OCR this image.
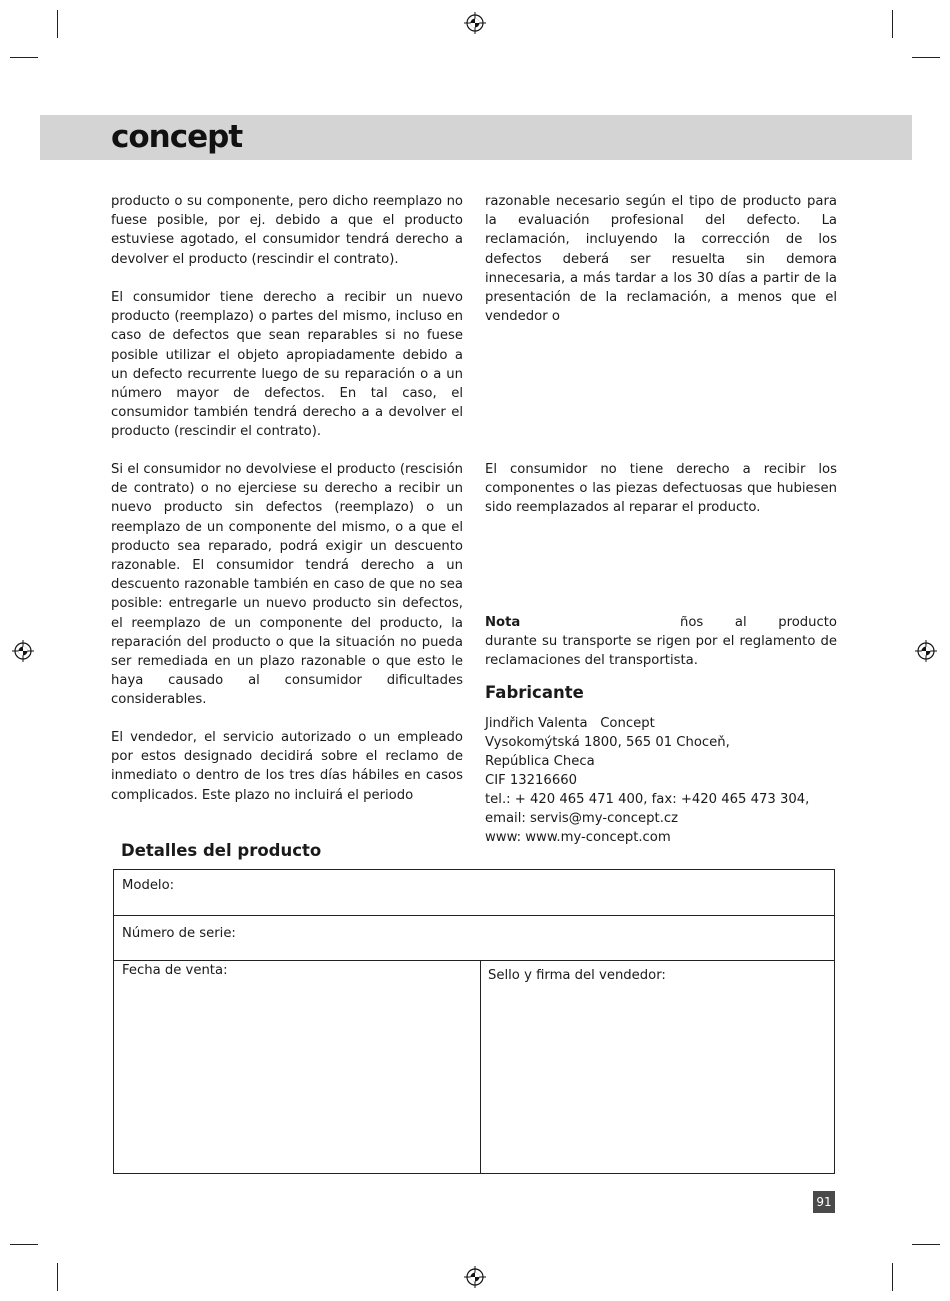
concept

producto o su componente, pero dicho reemplazo no fuese posible, por ej. debido a que el producto estuviese agotado, el consumidor tendrá derecho a devolver el producto (rescindir el contrato).

El consumidor tiene derecho a recibir un nuevo producto (reemplazo) o partes del mismo, incluso en caso de defectos que sean reparables si no fuese posible utilizar el objeto apropiadamente debido a un defecto recurrente luego de su reparación o a un número mayor de defectos. En tal caso, el consumidor también tendrá derecho a a devolver el producto (rescindir el contrato).

Si el consumidor no devolviese el producto (rescisión de contrato) o no ejerciese su derecho a recibir un nuevo producto sin defectos (reemplazo) o un reemplazo de un componente del mismo, o a que el producto sea reparado, podrá exigir un descuento razonable. El consumidor tendrá derecho a un descuento razonable también en caso de que no sea posible: entregarle un nuevo producto sin defectos, el reemplazo de un componente del producto, la reparación del producto o que la situación no pueda ser remediada en un plazo razonable o que esto le haya causado al consumidor dificultades considerables.

El vendedor, el servicio autorizado o un empleado por estos designado decidirá sobre el reclamo de inmediato o dentro de los tres días hábiles en casos complicados. Este plazo no incluirá el periodo

razonable necesario según el tipo de producto para la evaluación profesional del defecto. La reclamación, incluyendo la corrección de los defectos deberá ser resuelta sin demora innecesaria, a más tardar a los 30 días a partir de la presentación de la reclamación, a menos que el vendedor o

El consumidor no tiene derecho a recibir los componentes o las piezas defectuosas que hubiesen sido reemplazados al reparar el producto.

Nota	ños al producto durante su transporte se rigen por el reglamento de reclamaciones del transportista.

Fabricante
Jindřich Valenta   Concept
Vysokomýtská 1800, 565 01 Choceň,
República Checa
CIF 13216660
tel.: + 420 465 471 400, fax: +420 465 473 304,
email: servis@my-concept.cz
www: www.my-concept.com
Detalles del producto
Modelo:
Número de serie:
Fecha de venta:	Sello y firma del vendedor:
91
